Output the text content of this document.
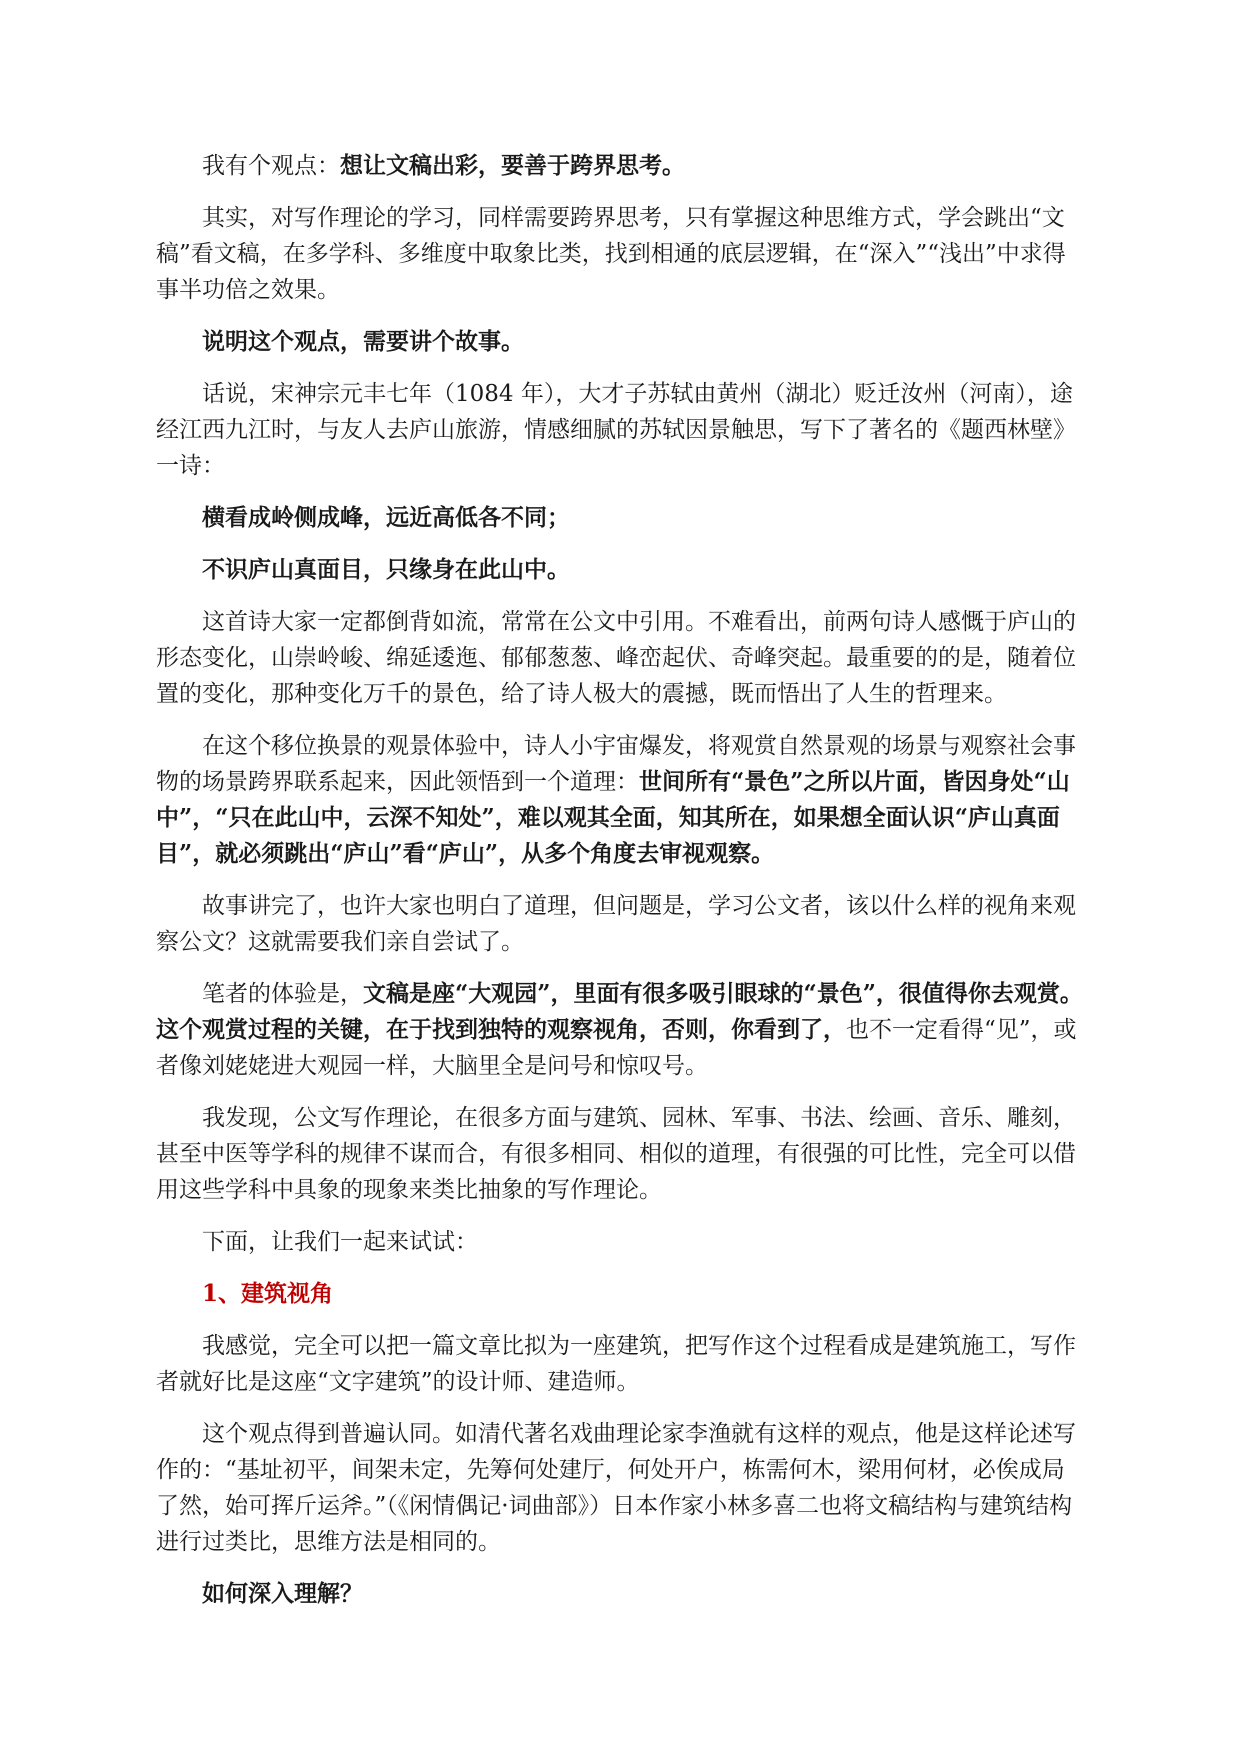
我有个观点：想让文稿出彩，要善于跨界思考。

其实，对写作理论的学习，同样需要跨界思考，只有掌握这种思维方式，学会跳出“文稿”看文稿，在多学科、多维度中取象比类，找到相通的底层逻辑，在“深入”“浅出”中求得事半功倍之效果。

说明这个观点，需要讲个故事。

话说，宋神宗元丰七年（1084 年），大才子苏轼由黄州（湖北）贬迁汝州（河南），途经江西九江时，与友人去庐山旅游，情感细腻的苏轼因景触思，写下了著名的《题西林壁》一诗：

横看成岭侧成峰，远近高低各不同；

不识庐山真面目，只缘身在此山中。

这首诗大家一定都倒背如流，常常在公文中引用。不难看出，前两句诗人感慨于庐山的形态变化，山崇岭峻、绵延逶迤、郁郁葱葱、峰峦起伏、奇峰突起。最重要的的是，随着位置的变化，那种变化万千的景色，给了诗人极大的震撼，既而悟出了人生的哲理来。

在这个移位换景的观景体验中，诗人小宇宙爆发，将观赏自然景观的场景与观察社会事物的场景跨界联系起来，因此领悟到一个道理：世间所有“景色”之所以片面，皆因身处“山中”，“只在此山中，云深不知处”，难以观其全面，知其所在，如果想全面认识“庐山真面目”，就必须跳出“庐山”看“庐山”，从多个角度去审视观察。

故事讲完了，也许大家也明白了道理，但问题是，学习公文者，该以什么样的视角来观察公文？这就需要我们亲自尝试了。

笔者的体验是，文稿是座“大观园”，里面有很多吸引眼球的“景色”，很值得你去观赏。这个观赏过程的关键，在于找到独特的观察视角，否则，你看到了，也不一定看得“见”，或者像刘姥姥进大观园一样，大脑里全是问号和惊叹号。

我发现，公文写作理论，在很多方面与建筑、园林、军事、书法、绘画、音乐、雕刻，甚至中医等学科的规律不谋而合，有很多相同、相似的道理，有很强的可比性，完全可以借用这些学科中具象的现象来类比抽象的写作理论。

下面，让我们一起来试试：

1、建筑视角

我感觉，完全可以把一篇文章比拟为一座建筑，把写作这个过程看成是建筑施工，写作者就好比是这座“文字建筑”的设计师、建造师。

这个观点得到普遍认同。如清代著名戏曲理论家李渔就有这样的观点，他是这样论述写作的：“基址初平，间架未定，先筹何处建厅，何处开户，栋需何木，梁用何材，必俟成局了然，始可挥斤运斧。”（《闲情偶记·词曲部》）日本作家小林多喜二也将文稿结构与建筑结构进行过类比，思维方法是相同的。

如何深入理解？
